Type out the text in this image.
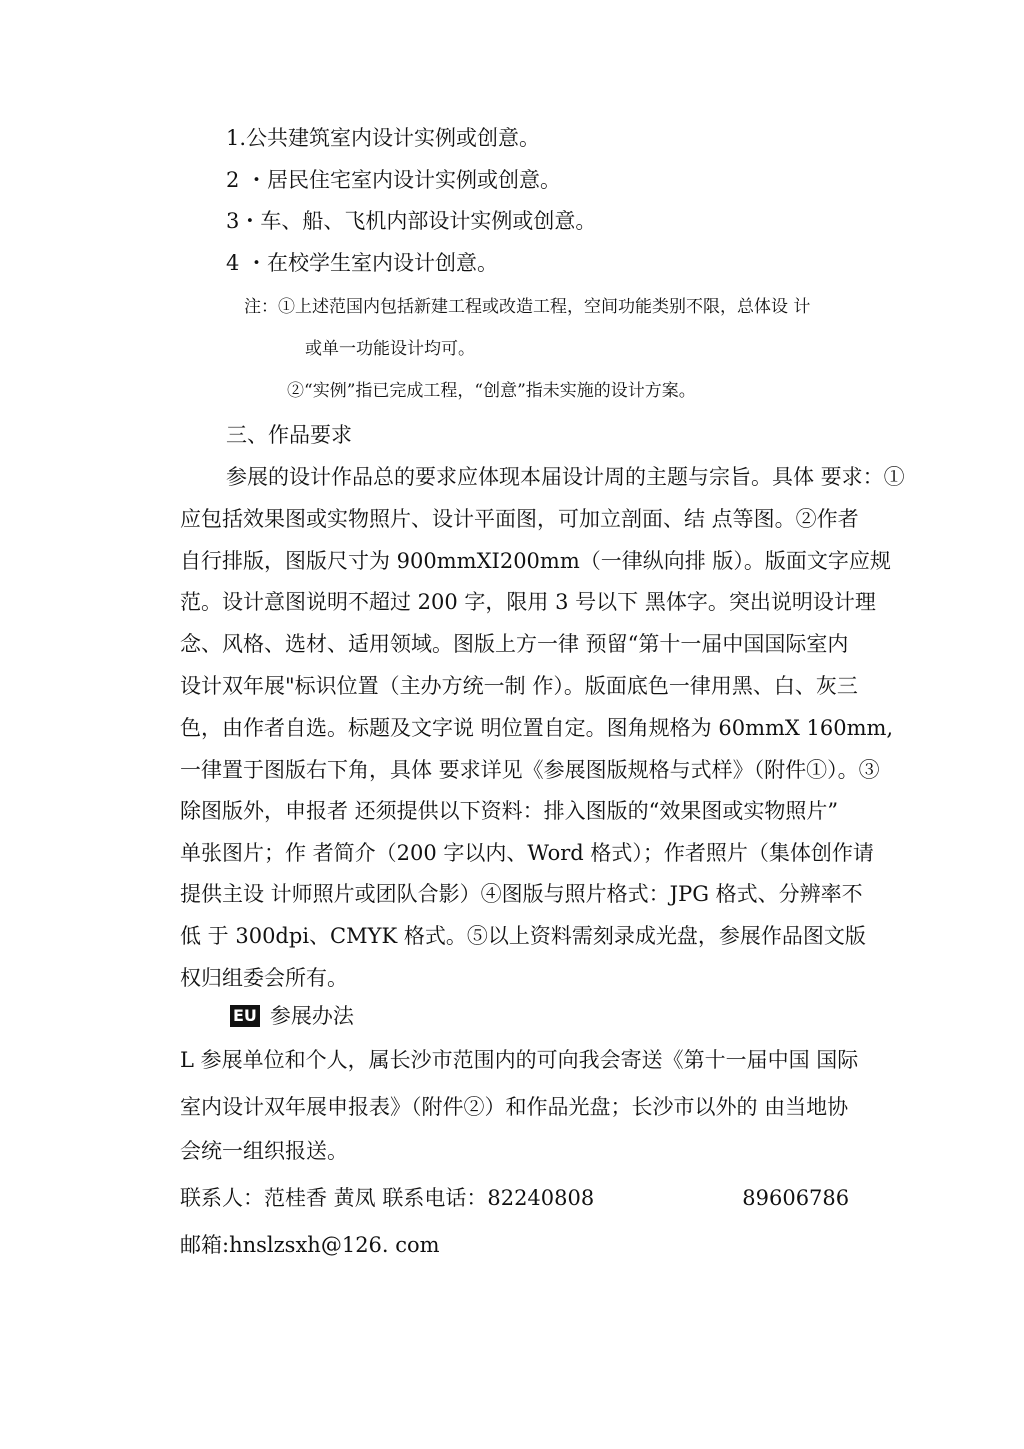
1.公共建筑室内设计实例或创意。
2 ・居民住宅室内设计实例或创意。
3・车、船、飞机内部设计实例或创意。
4 ・在校学生室内设计创意。
注：①上述范国内包括新建工程或改造工程，空间功能类别不限，总体设 计
或单一功能设计均可。
②“实例”指已完成工程，“创意”指未实施的设计方案。
三、作品要求
参展的设计作品总的要求应体现本届设计周的主题与宗旨。具体 要求：①
应包括效果图或实物照片、设计平面图，可加立剖面、结 点等图。②作者
自行排版，图版尺寸为 900mmXI200mm（一律纵向排 版）。版面文字应规
范。设计意图说明不超过 200 字，限用 3 号以下 黑体字。突出说明设计理
念、风格、选材、适用领域。图版上方一律 预留“第十一届中国国际室内
设计双年展"标识位置（主办方统一制 作）。版面底色一律用黑、白、灰三
色，由作者自选。标题及文字说 明位置自定。图角规格为 60mmX 160mm,
一律置于图版右下角，具体 要求详见《参展图版规格与式样》（附件①）。③
除图版外，申报者 还须提供以下资料：排入图版的“效果图或实物照片”
单张图片；作 者简介（200 字以内、Word 格式）；作者照片（集体创作请
提供主设 计师照片或团队合影）④图版与照片格式：JPG 格式、分辨率不
低 于 300dpi、CMYK 格式。⑤以上资料需刻录成光盘，参展作品图文版
权归组委会所有。
EU 参展办法
L 参展单位和个人，属长沙市范围内的可向我会寄送《第十一届中国 国际
室内设计双年展申报表》（附件②）和作品光盘；长沙市以外的 由当地协
会统一组织报送。
联系人：范桂香 黄凤 联系电话：82240808	89606786
邮箱:hnslzsxh@126. com
